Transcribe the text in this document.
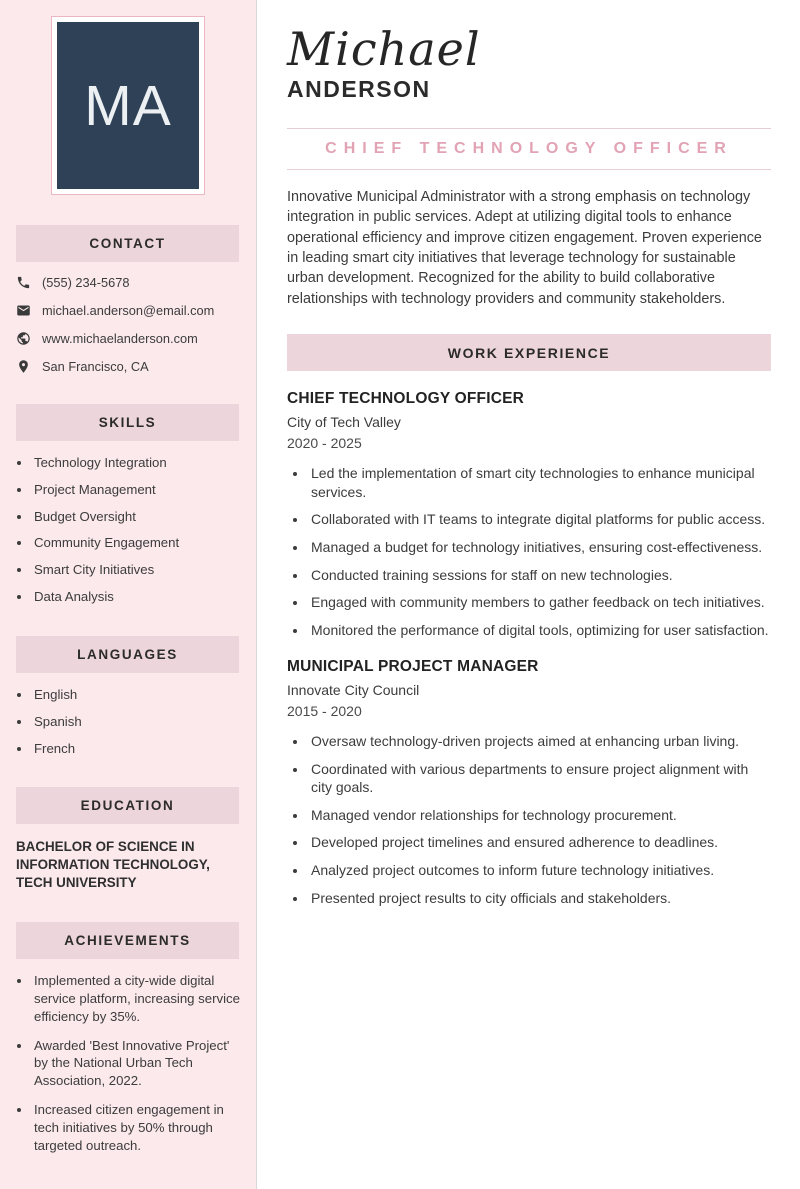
MA
CONTACT
(555) 234-5678
michael.anderson@email.com
www.michaelanderson.com
San Francisco, CA
SKILLS
• Technology Integration
• Project Management
• Budget Oversight
• Community Engagement
• Smart City Initiatives
• Data Analysis
LANGUAGES
• English
• Spanish
• French
EDUCATION
BACHELOR OF SCIENCE IN INFORMATION TECHNOLOGY, TECH UNIVERSITY
ACHIEVEMENTS
• Implemented a city-wide digital service platform, increasing service efficiency by 35%.
• Awarded 'Best Innovative Project' by the National Urban Tech Association, 2022.
• Increased citizen engagement in tech initiatives by 50% through targeted outreach.
Michael
ANDERSON
CHIEF TECHNOLOGY OFFICER

Innovative Municipal Administrator with a strong emphasis on technology integration in public services. Adept at utilizing digital tools to enhance operational efficiency and improve citizen engagement. Proven experience in leading smart city initiatives that leverage technology for sustainable urban development. Recognized for the ability to build collaborative relationships with technology providers and community stakeholders.

WORK EXPERIENCE
CHIEF TECHNOLOGY OFFICER
City of Tech Valley
2020 - 2025
• Led the implementation of smart city technologies to enhance municipal services.
• Collaborated with IT teams to integrate digital platforms for public access.
• Managed a budget for technology initiatives, ensuring cost-effectiveness.
• Conducted training sessions for staff on new technologies.
• Engaged with community members to gather feedback on tech initiatives.
• Monitored the performance of digital tools, optimizing for user satisfaction.
MUNICIPAL PROJECT MANAGER
Innovate City Council
2015 - 2020
• Oversaw technology-driven projects aimed at enhancing urban living.
• Coordinated with various departments to ensure project alignment with city goals.
• Managed vendor relationships for technology procurement.
• Developed project timelines and ensured adherence to deadlines.
• Analyzed project outcomes to inform future technology initiatives.
• Presented project results to city officials and stakeholders.
